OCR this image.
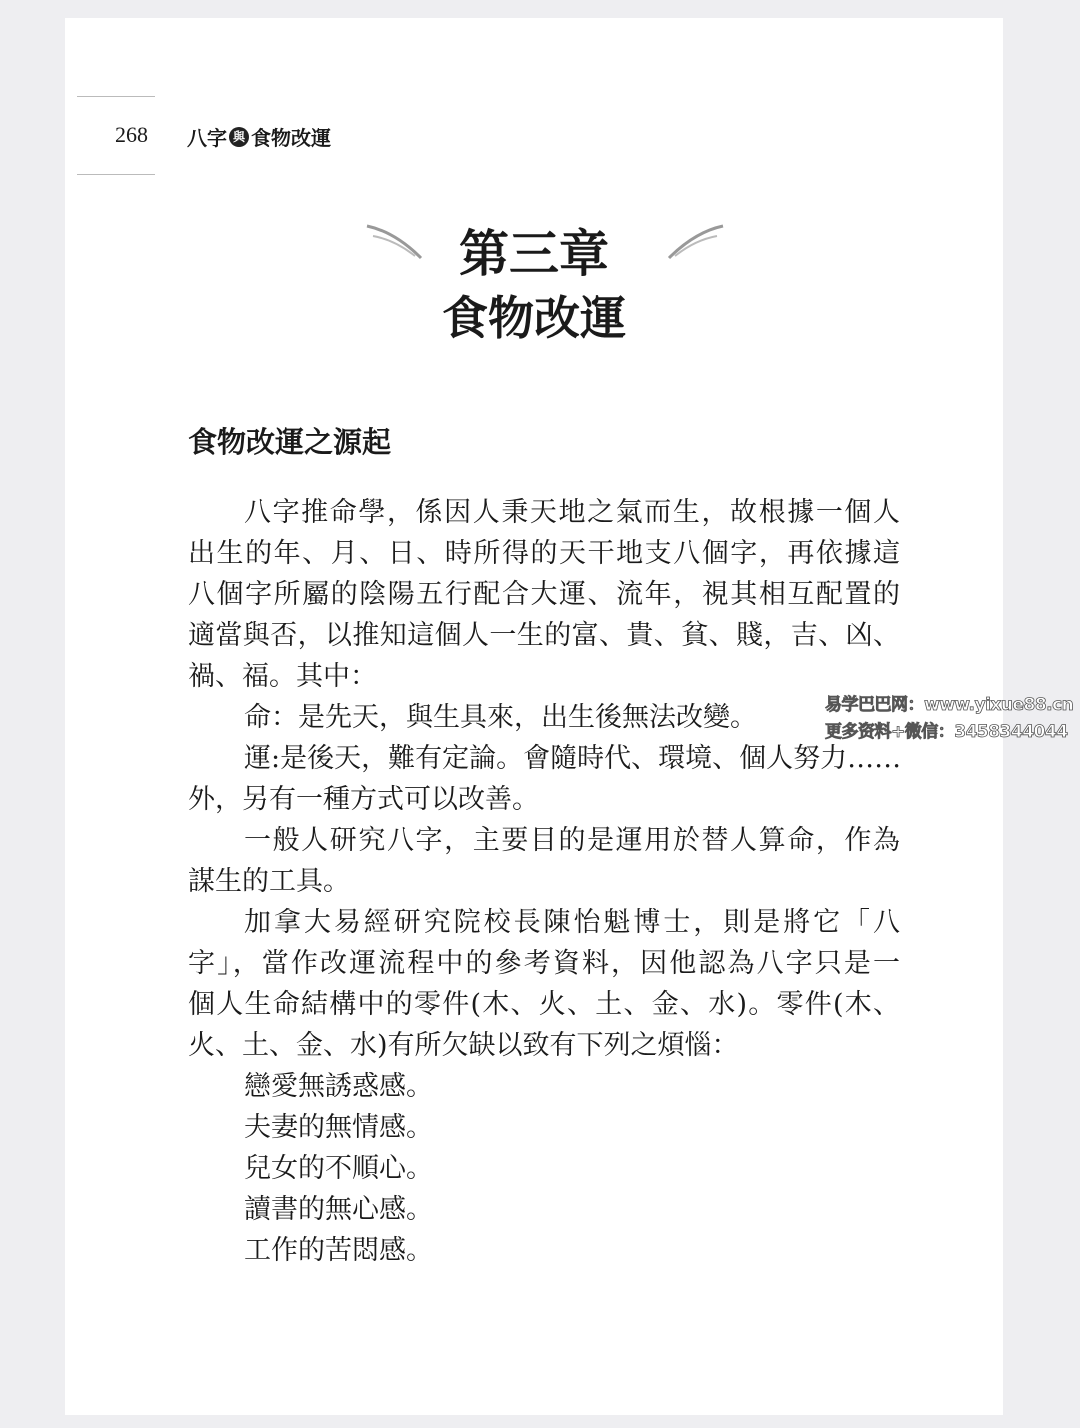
268 八字 與 食物改運
第三章
食物改運
食物改運之源起
八字推命學，係因人秉天地之氣而生，故根據一個人
出生的年、月、日、時所得的天干地支八個字，再依據這
八個字所屬的陰陽五行配合大運、流年，視其相互配置的
適當與否，以推知這個人一生的富、貴、貧、賤，吉、凶、
禍、福。其中：
命：是先天，與生具來，出生後無法改變。
運:是後天，難有定論。會隨時代、環境、個人努力……
外，另有一種方式可以改善。
一般人研究八字，主要目的是運用於替人算命，作為
謀生的工具。
加拿大易經研究院校長陳怡魁博士，則是將它「八
字」，當作改運流程中的參考資料，因他認為八字只是一
個人生命結構中的零件(木、火、土、金、水)。零件(木、
火、土、金、水)有所欠缺以致有下列之煩惱：
戀愛無誘惑感。
夫妻的無情感。
兒女的不順心。
讀書的無心感。
工作的苦悶感。
易学巴巴网：www.yixue88.cn
更多资料+微信：3458344044
